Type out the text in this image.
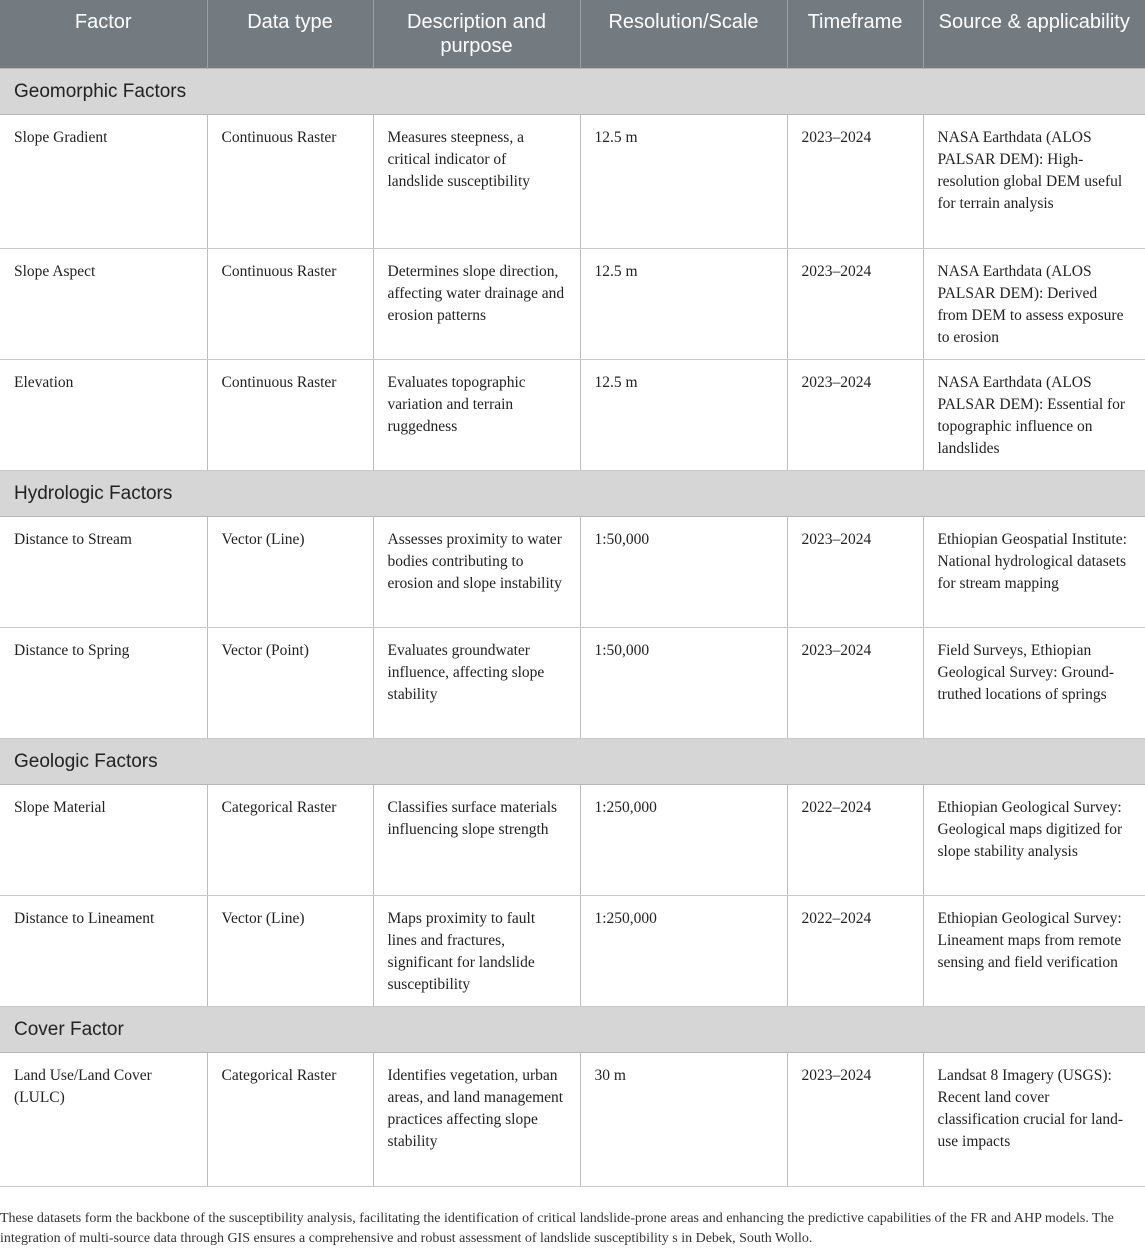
Factor	Data type	Description and purpose	Resolution/Scale	Timeframe	Source & applicability
Geomorphic Factors					
Slope Gradient	Continuous Raster	Measures steepness, a critical indicator of landslide susceptibility	12.5 m	2023–2024	NASA Earthdata (ALOS PALSAR DEM): High-resolution global DEM useful for terrain analysis
Slope Aspect	Continuous Raster	Determines slope direction, affecting water drainage and erosion patterns	12.5 m	2023–2024	NASA Earthdata (ALOS PALSAR DEM): Derived from DEM to assess exposure to erosion
Elevation	Continuous Raster	Evaluates topographic variation and terrain ruggedness	12.5 m	2023–2024	NASA Earthdata (ALOS PALSAR DEM): Essential for topographic influence on landslides
Hydrologic Factors					
Distance to Stream	Vector (Line)	Assesses proximity to water bodies contributing to erosion and slope instability	1:50,000	2023–2024	Ethiopian Geospatial Institute: National hydrological datasets for stream mapping
Distance to Spring	Vector (Point)	Evaluates groundwater influence, affecting slope stability	1:50,000	2023–2024	Field Surveys, Ethiopian Geological Survey: Ground-truthed locations of springs
Geologic Factors					
Slope Material	Categorical Raster	Classifies surface materials influencing slope strength	1:250,000	2022–2024	Ethiopian Geological Survey: Geological maps digitized for slope stability analysis
Distance to Lineament	Vector (Line)	Maps proximity to fault lines and fractures, significant for landslide susceptibility	1:250,000	2022–2024	Ethiopian Geological Survey: Lineament maps from remote sensing and field verification
Cover Factor					
Land Use/Land Cover (LULC)	Categorical Raster	Identifies vegetation, urban areas, and land management practices affecting slope stability	30 m	2023–2024	Landsat 8 Imagery (USGS): Recent land cover classification crucial for land-use impacts

These datasets form the backbone of the susceptibility analysis, facilitating the identification of critical landslide-prone areas and enhancing the predictive capabilities of the FR and AHP models. The integration of multi-source data through GIS ensures a comprehensive and robust assessment of landslide susceptibility s in Debek, South Wollo.
